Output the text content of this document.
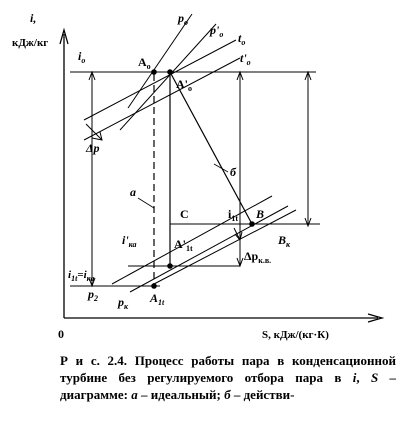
i,
кДж/кг
0	S, кДж/(кг·К)
$i_o$
$p_o$
$p'_o$ $t_o$
$t'_o$
$A_o$
$A'_o$
Δp
б
a
C	$i_{1t}$ B
$B_к$
$i'_{ка}$	$A'_{1t}$
$\Delta p_{к.в.}$
$i_{1t}=i_{ка}$
$p_2$ $p_к$
$A_{1t}$
Р и с. 2.4. Процесс работы пара в конденсационной турбине без регулируемого отбора пара в i, S – диаграмме: а – идеальный; б – действи-
